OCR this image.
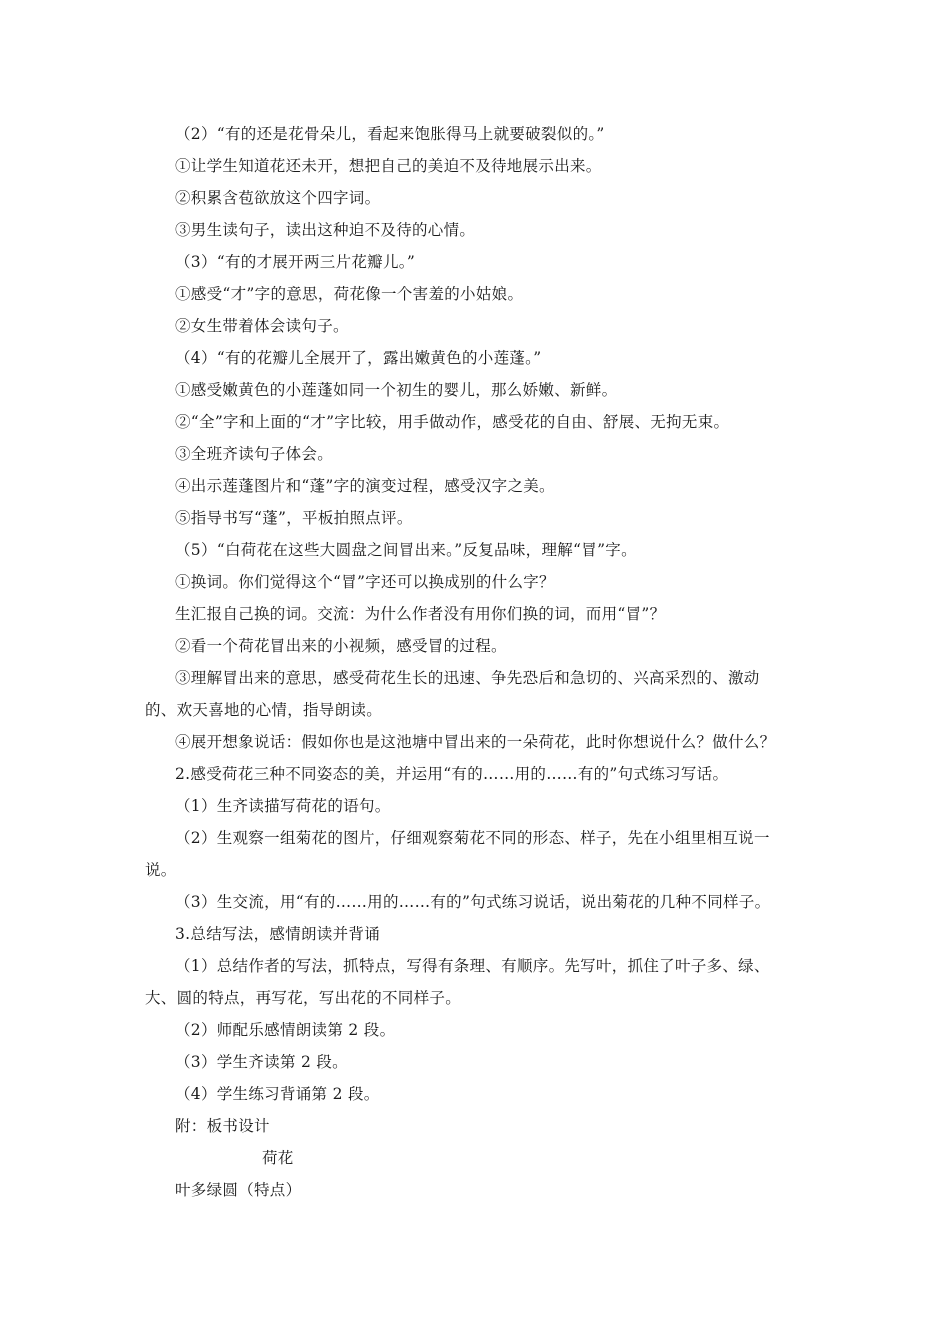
（2）“有的还是花骨朵儿，看起来饱胀得马上就要破裂似的。”
①让学生知道花还未开，想把自己的美迫不及待地展示出来。
②积累含苞欲放这个四字词。
③男生读句子，读出这种迫不及待的心情。
（3）“有的才展开两三片花瓣儿。”
①感受“才”字的意思，荷花像一个害羞的小姑娘。
②女生带着体会读句子。
（4）“有的花瓣儿全展开了，露出嫩黄色的小莲蓬。”
①感受嫩黄色的小莲蓬如同一个初生的婴儿，那么娇嫩、新鲜。
②“全”字和上面的“才”字比较，用手做动作，感受花的自由、舒展、无拘无束。
③全班齐读句子体会。
④出示莲蓬图片和“蓬”字的演变过程，感受汉字之美。
⑤指导书写“蓬”，平板拍照点评。
（5）“白荷花在这些大圆盘之间冒出来。”反复品味，理解“冒”字。
①换词。你们觉得这个“冒”字还可以换成别的什么字？
生汇报自己换的词。交流：为什么作者没有用你们换的词，而用“冒”？
②看一个荷花冒出来的小视频，感受冒的过程。
③理解冒出来的意思，感受荷花生长的迅速、争先恐后和急切的、兴高采烈的、激动
的、欢天喜地的心情，指导朗读。
④展开想象说话：假如你也是这池塘中冒出来的一朵荷花，此时你想说什么？做什么？
2.感受荷花三种不同姿态的美，并运用“有的……用的……有的”句式练习写话。
（1）生齐读描写荷花的语句。
（2）生观察一组菊花的图片，仔细观察菊花不同的形态、样子，先在小组里相互说一
说。
（3）生交流，用“有的……用的……有的”句式练习说话，说出菊花的几种不同样子。
3.总结写法，感情朗读并背诵
（1）总结作者的写法，抓特点，写得有条理、有顺序。先写叶，抓住了叶子多、绿、
大、圆的特点，再写花，写出花的不同样子。
（2）师配乐感情朗读第 2 段。
（3）学生齐读第 2 段。
（4）学生练习背诵第 2 段。
附：板书设计
荷花
叶多绿圆（特点）
